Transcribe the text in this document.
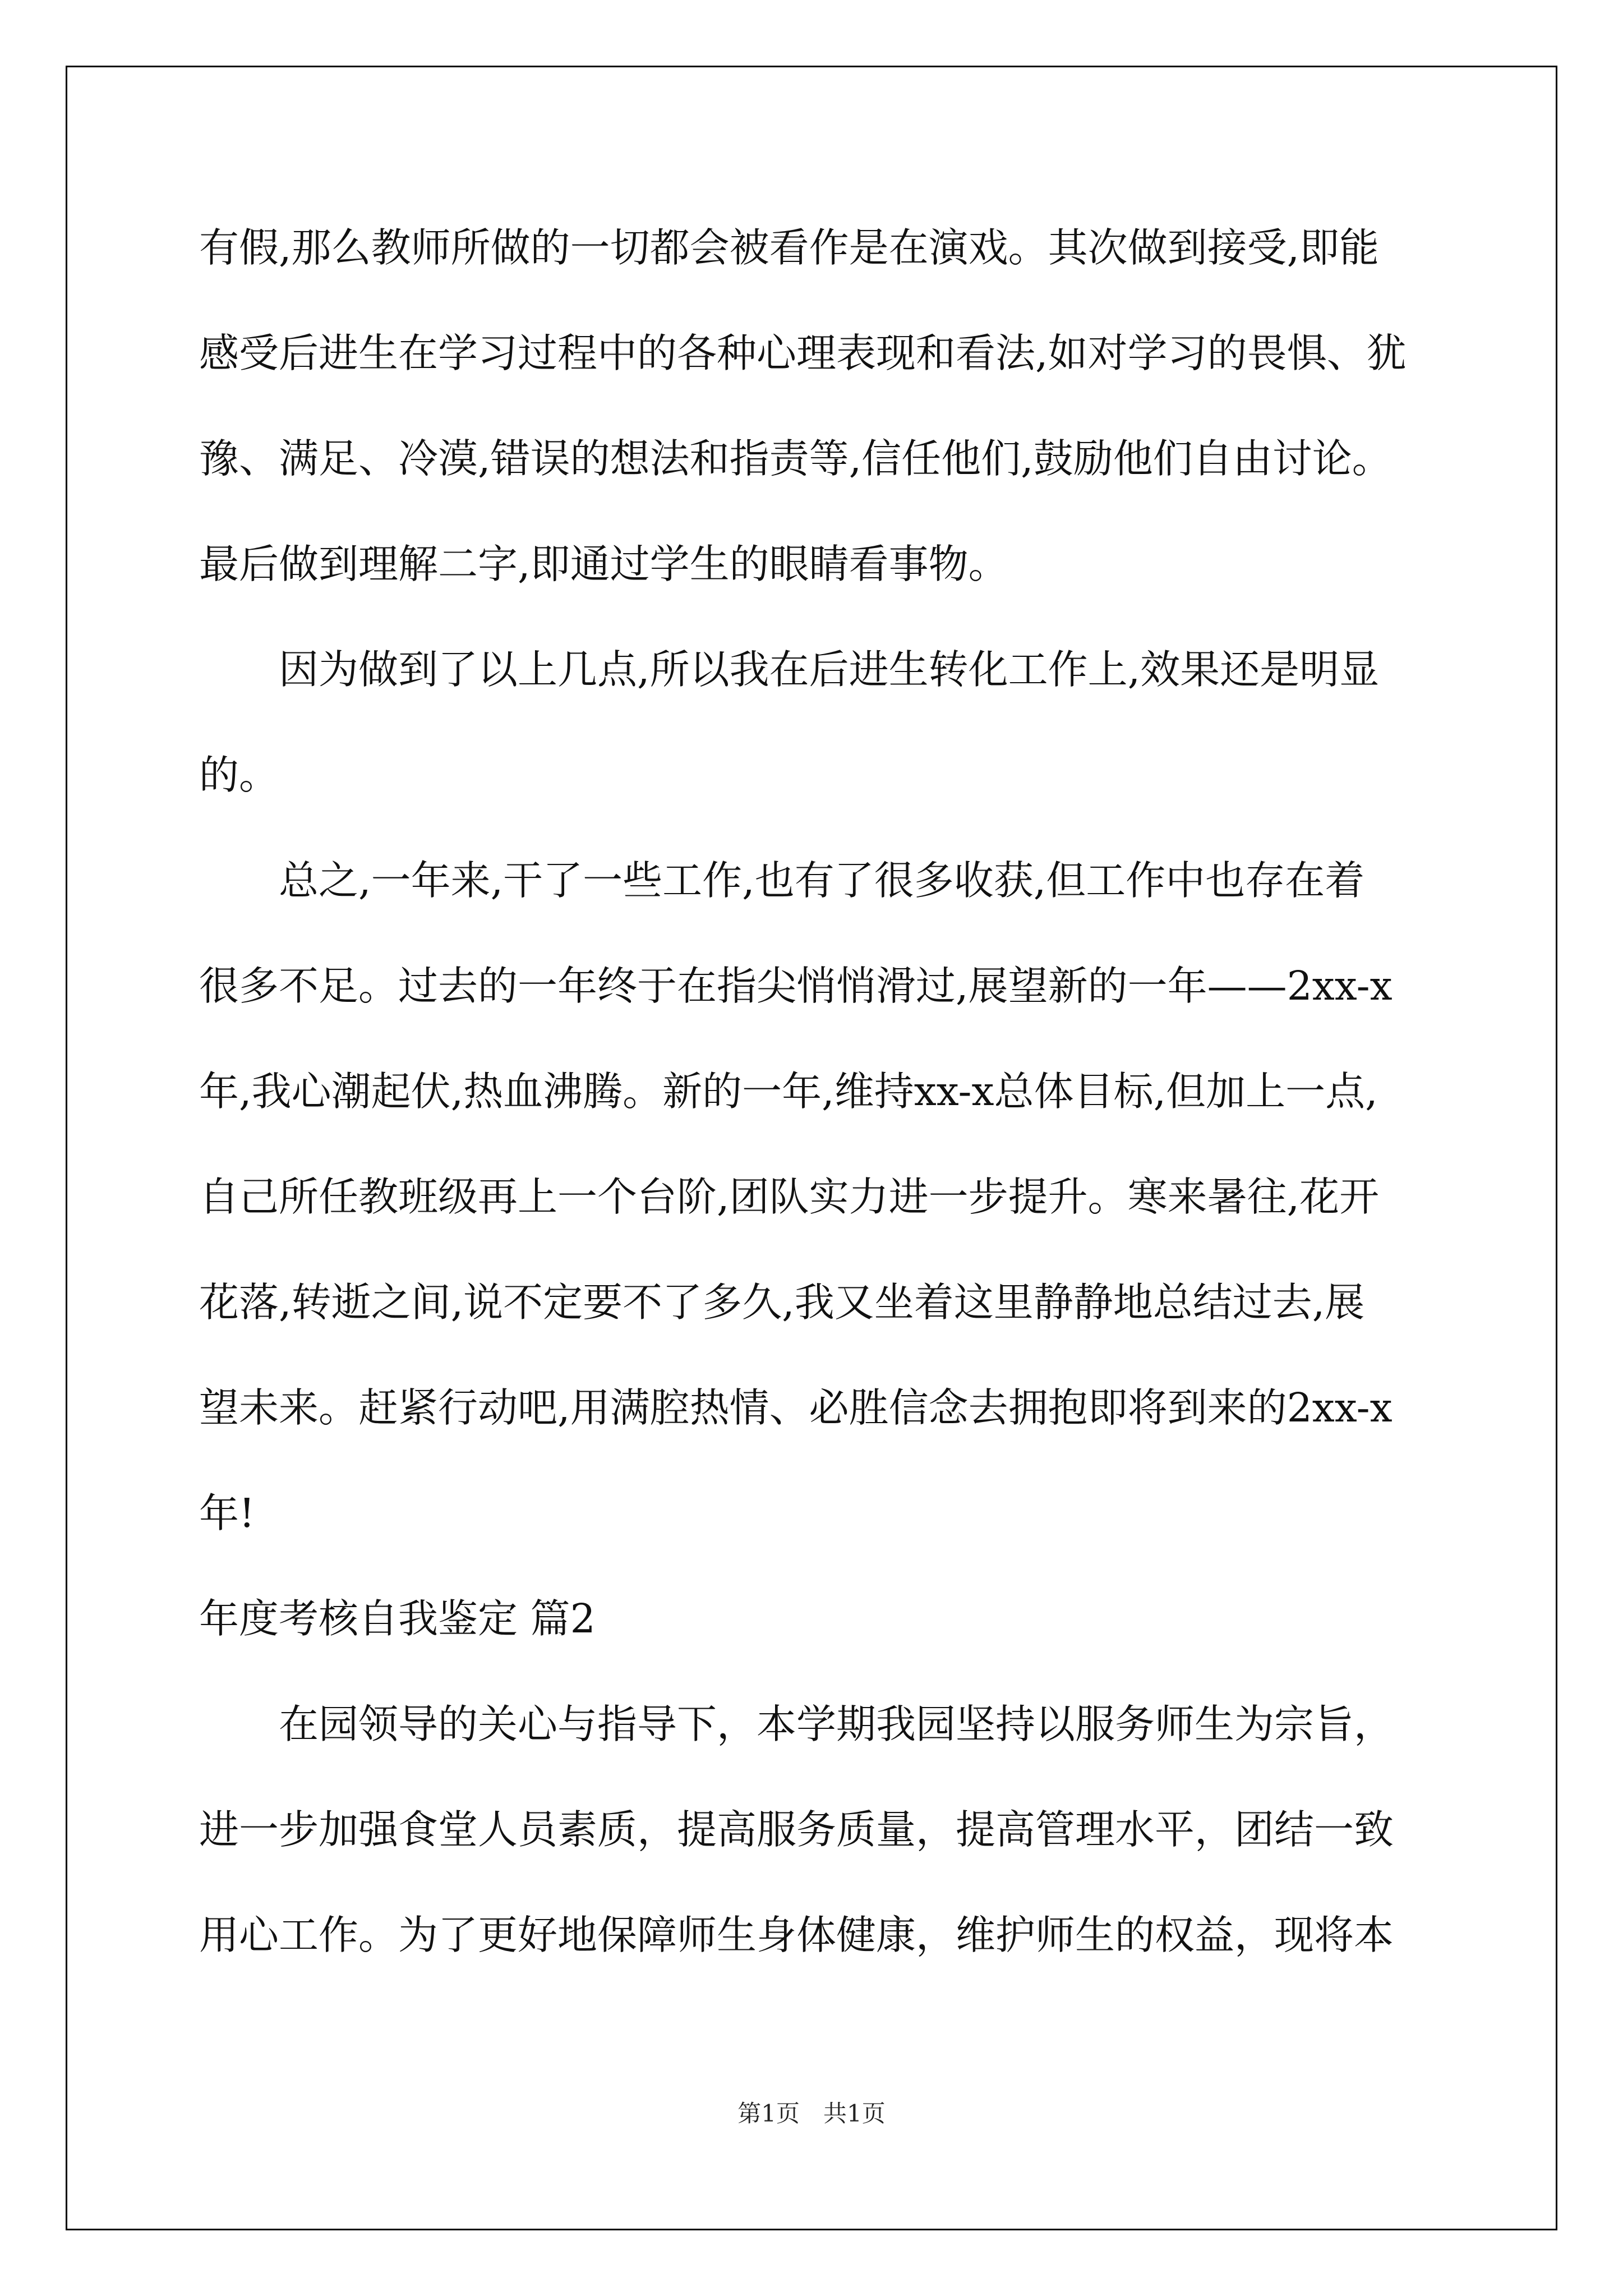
有假,那么教师所做的一切都会被看作是在演戏。其次做到接受,即能
感受后进生在学习过程中的各种心理表现和看法,如对学习的畏惧、犹
豫、满足、冷漠,错误的想法和指责等,信任他们,鼓励他们自由讨论。
最后做到理解二字,即通过学生的眼睛看事物。
　　因为做到了以上几点,所以我在后进生转化工作上,效果还是明显
的。
　　总之,一年来,干了一些工作,也有了很多收获,但工作中也存在着
很多不足。过去的一年终于在指尖悄悄滑过,展望新的一年——2xx-x
年,我心潮起伏,热血沸腾。新的一年,维持xx-x总体目标,但加上一点,
自己所任教班级再上一个台阶,团队实力进一步提升。寒来暑往,花开
花落,转逝之间,说不定要不了多久,我又坐着这里静静地总结过去,展
望未来。赶紧行动吧,用满腔热情、必胜信念去拥抱即将到来的2xx-x
年!
年度考核自我鉴定 篇2
　　在园领导的关心与指导下，本学期我园坚持以服务师生为宗旨，
进一步加强食堂人员素质，提高服务质量，提高管理水平，团结一致
用心工作。为了更好地保障师生身体健康，维护师生的权益，现将本
第1页　共1页
